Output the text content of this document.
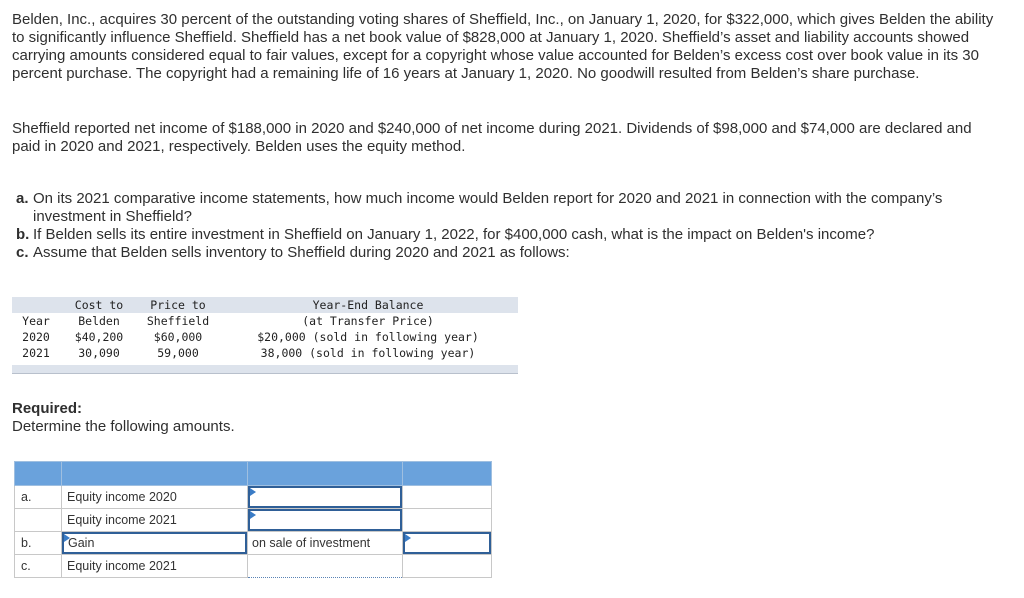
Belden, Inc., acquires 30 percent of the outstanding voting shares of Sheffield, Inc., on January 1, 2020, for $322,000, which gives Belden the ability to significantly influence Sheffield. Sheffield has a net book value of $828,000 at January 1, 2020. Sheffield’s asset and liability accounts showed carrying amounts considered equal to fair values, except for a copyright whose value accounted for Belden’s excess cost over book value in its 30 percent purchase. The copyright had a remaining life of 16 years at January 1, 2020. No goodwill resulted from Belden’s share purchase.
Sheffield reported net income of $188,000 in 2020 and $240,000 of net income during 2021. Dividends of $98,000 and $74,000 are declared and paid in 2020 and 2021, respectively. Belden uses the equity method.
a. On its 2021 comparative income statements, how much income would Belden report for 2020 and 2021 in connection with the company’s investment in Sheffield?
b. If Belden sells its entire investment in Sheffield on January 1, 2022, for $400,000 cash, what is the impact on Belden's income?
c. Assume that Belden sells inventory to Sheffield during 2020 and 2021 as follows:
	Cost to	Price to	Year-End Balance
Year	Belden	Sheffield	(at Transfer Price)
2020	$40,200	$60,000	$20,000 (sold in following year)
2021	30,090	59,000	38,000 (sold in following year)
Required:
Determine the following amounts.

a.	Equity income 2020	

	Equity income 2021	

b.	Gain	on sale of investment	

c.	Equity income 2021		
